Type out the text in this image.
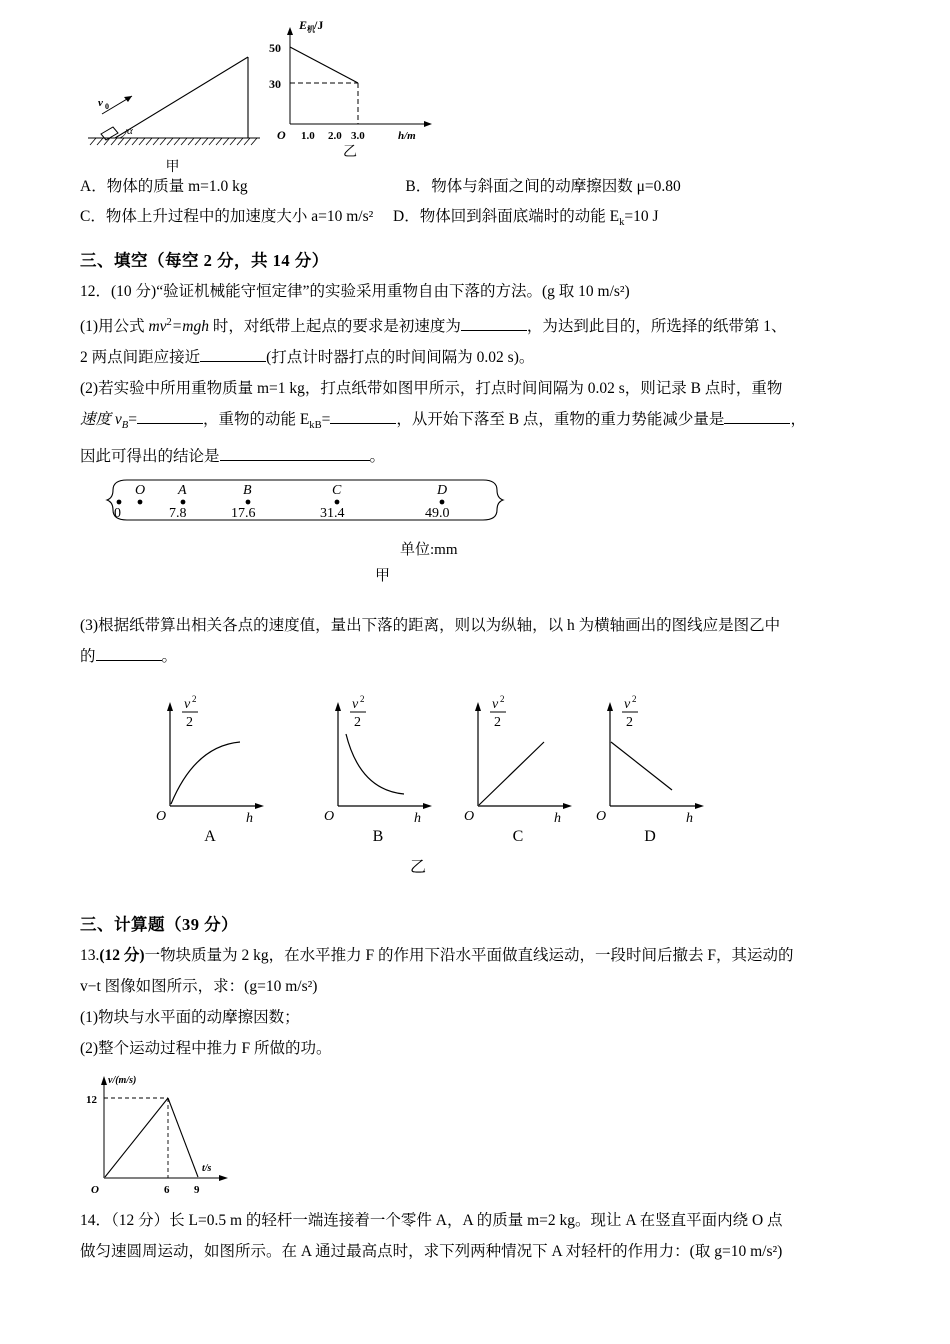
v 0
α
甲
50
30
1.0 2.0 3.0
O
E 机 /J
h/m
乙
A．物体的质量 m=1.0 kg	B．物体与斜面之间的动摩擦因数 μ=0.80
C．物体上升过程中的加速度大小 a=10 m/s² D．物体回到斜面底端时的动能 $E_k=10$ J
三、填空（每空 2 分，共 14 分）
12．(10 分)“验证机械能守恒定律”的实验采用重物自由下落的方法。(g 取 10 m/s²)
(1)用公式 $mv^2=mgh$ 时，对纸带上起点的要求是初速度为	，为达到此目的，所选择的纸带第 1、
2 两点间距应接近	(打点计时器打点的时间间隔为 0.02 s)。
(2)若实验中所用重物质量 m=1 kg，打点纸带如图甲所示，打点时间间隔为 0.02 s，则记录 B 点时，重物
速度 $v_B=$	，重物的动能 $E_{kB}=$	，从开始下落至 B 点，重物的重力势能减少量是	，
因此可得出的结论是	。
O A	B	C	D
0	7.8	17.6	31.4	49.0
单位:mm
甲
(3)根据纸带算出相关各点的速度值，量出下落的距离，则以为纵轴，以 h 为横轴画出的图线应是图乙中
的	。
v 2
2
O	h
A
v 2
2
O	h
B
v 2
2
O	h
C
v 2
2
O	h
D
乙
三、计算题（39 分）
13.(12 分)一物块质量为 2 kg，在水平推力 F 的作用下沿水平面做直线运动，一段时间后撤去 F，其运动的
v−t 图像如图所示，求：(g=10 m/s²)
(1)物块与水平面的动摩擦因数；
(2)整个运动过程中推力 F 所做的功。
12
6 9
O
v/(m/s)
t/s
14．（12 分）长 L=0.5 m 的轻杆一端连接着一个零件 A，A 的质量 m=2 kg。现让 A 在竖直平面内绕 O 点
做匀速圆周运动，如图所示。在 A 通过最高点时，求下列两种情况下 A 对轻杆的作用力：(取 g=10 m/s²)
